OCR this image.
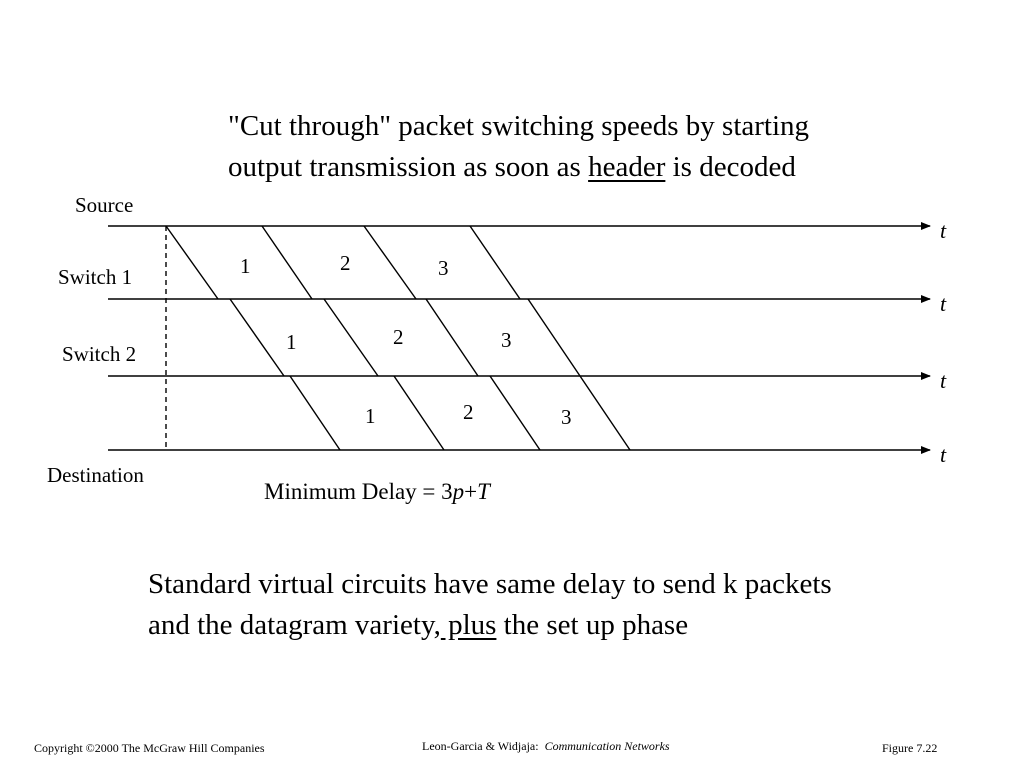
"Cut through" packet switching speeds by starting
output transmission as soon as header is decoded
Source
Switch 1
Switch 2
Destination
t
t
t
t
1	2	3
1	2	3
1	2	3
Minimum Delay = 3p+T
Standard virtual circuits have same delay to send k packets and the datagram variety, plus the set up phase
Copyright ©2000 The McGraw Hill Companies	Leon-Garcia & Widjaja: Communication Networks	Figure 7.22
